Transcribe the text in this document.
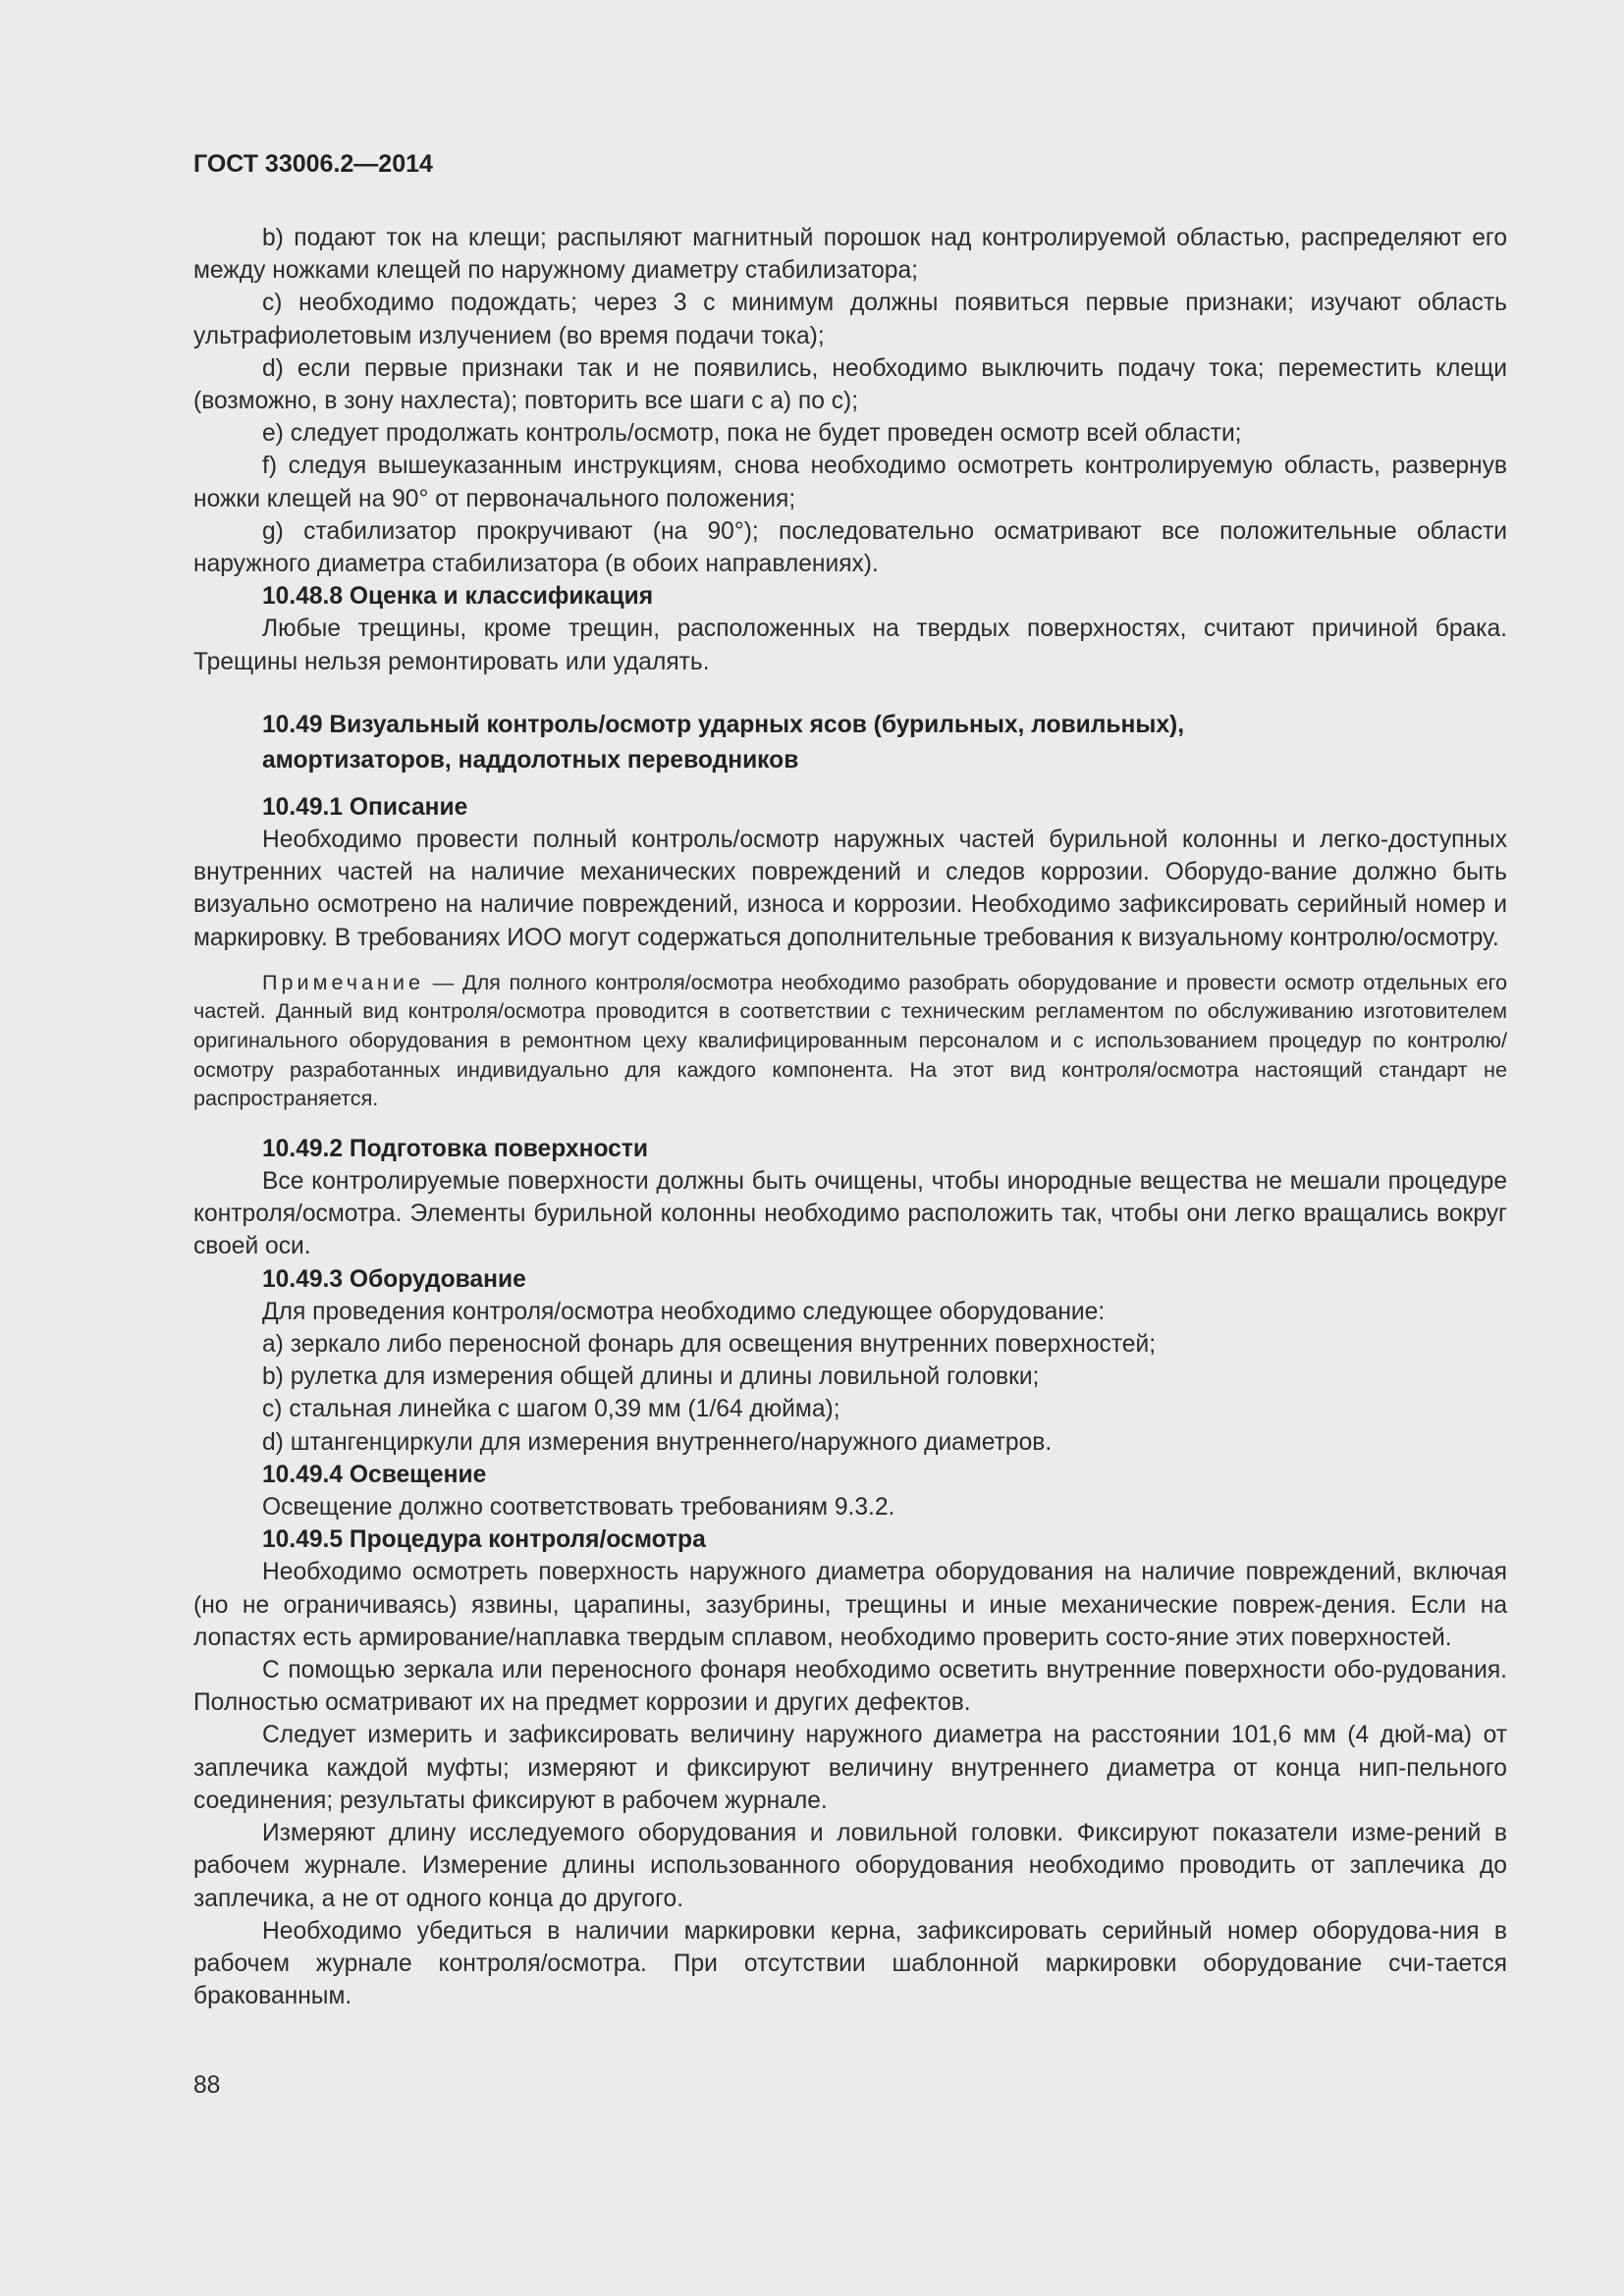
ГОСТ 33006.2—2014

b) подают ток на клещи; распыляют магнитный порошок над контролируемой областью, распределяют его между ножками клещей по наружному диаметру стабилизатора;

c) необходимо подождать; через 3 с минимум должны появиться первые признаки; изучают область ультрафиолетовым излучением (во время подачи тока);

d) если первые признаки так и не появились, необходимо выключить подачу тока; переместить клещи (возможно, в зону нахлеста); повторить все шаги с а) по с);

e) следует продолжать контроль/осмотр, пока не будет проведен осмотр всей области;

f) следуя вышеуказанным инструкциям, снова необходимо осмотреть контролируемую область, развернув ножки клещей на 90° от первоначального положения;

g) стабилизатор прокручивают (на 90°); последовательно осматривают все положительные области наружного диаметра стабилизатора (в обоих направлениях).

10.48.8 Оценка и классификация

Любые трещины, кроме трещин, расположенных на твердых поверхностях, считают причиной брака. Трещины нельзя ремонтировать или удалять.

10.49 Визуальный контроль/осмотр ударных ясов (бурильных, ловильных),
амортизаторов, наддолотных переводников

10.49.1 Описание

Необходимо провести полный контроль/осмотр наружных частей бурильной колонны и легко-доступных внутренних частей на наличие механических повреждений и следов коррозии. Оборудо-вание должно быть визуально осмотрено на наличие повреждений, износа и коррозии. Необходимо зафиксировать серийный номер и маркировку. В требованиях ИОО могут содержаться дополнительные требования к визуальному контролю/осмотру.

Примечание — Для полного контроля/осмотра необходимо разобрать оборудование и провести осмотр отдельных его частей. Данный вид контроля/осмотра проводится в соответствии с техническим регламентом по обслуживанию изготовителем оригинального оборудования в ремонтном цеху квалифицированным персоналом и с использованием процедур по контролю/осмотру разработанных индивидуально для каждого компонента. На этот вид контроля/осмотра настоящий стандарт не распространяется.

10.49.2 Подготовка поверхности

Все контролируемые поверхности должны быть очищены, чтобы инородные вещества не мешали процедуре контроля/осмотра. Элементы бурильной колонны необходимо расположить так, чтобы они легко вращались вокруг своей оси.

10.49.3 Оборудование

Для проведения контроля/осмотра необходимо следующее оборудование:

a) зеркало либо переносной фонарь для освещения внутренних поверхностей;

b) рулетка для измерения общей длины и длины ловильной головки;

c) стальная линейка с шагом 0,39 мм (1/64 дюйма);

d) штангенциркули для измерения внутреннего/наружного диаметров.

10.49.4 Освещение

Освещение должно соответствовать требованиям 9.3.2.

10.49.5 Процедура контроля/осмотра

Необходимо осмотреть поверхность наружного диаметра оборудования на наличие повреждений, включая (но не ограничиваясь) язвины, царапины, зазубрины, трещины и иные механические повреж-дения. Если на лопастях есть армирование/наплавка твердым сплавом, необходимо проверить состо-яние этих поверхностей.

С помощью зеркала или переносного фонаря необходимо осветить внутренние поверхности обо-рудования. Полностью осматривают их на предмет коррозии и других дефектов.

Следует измерить и зафиксировать величину наружного диаметра на расстоянии 101,6 мм (4 дюй-ма) от заплечика каждой муфты; измеряют и фиксируют величину внутреннего диаметра от конца нип-пельного соединения; результаты фиксируют в рабочем журнале.

Измеряют длину исследуемого оборудования и ловильной головки. Фиксируют показатели изме-рений в рабочем журнале. Измерение длины использованного оборудования необходимо проводить от заплечика до заплечика, а не от одного конца до другого.

Необходимо убедиться в наличии маркировки керна, зафиксировать серийный номер оборудова-ния в рабочем журнале контроля/осмотра. При отсутствии шаблонной маркировки оборудование счи-тается бракованным.

88
